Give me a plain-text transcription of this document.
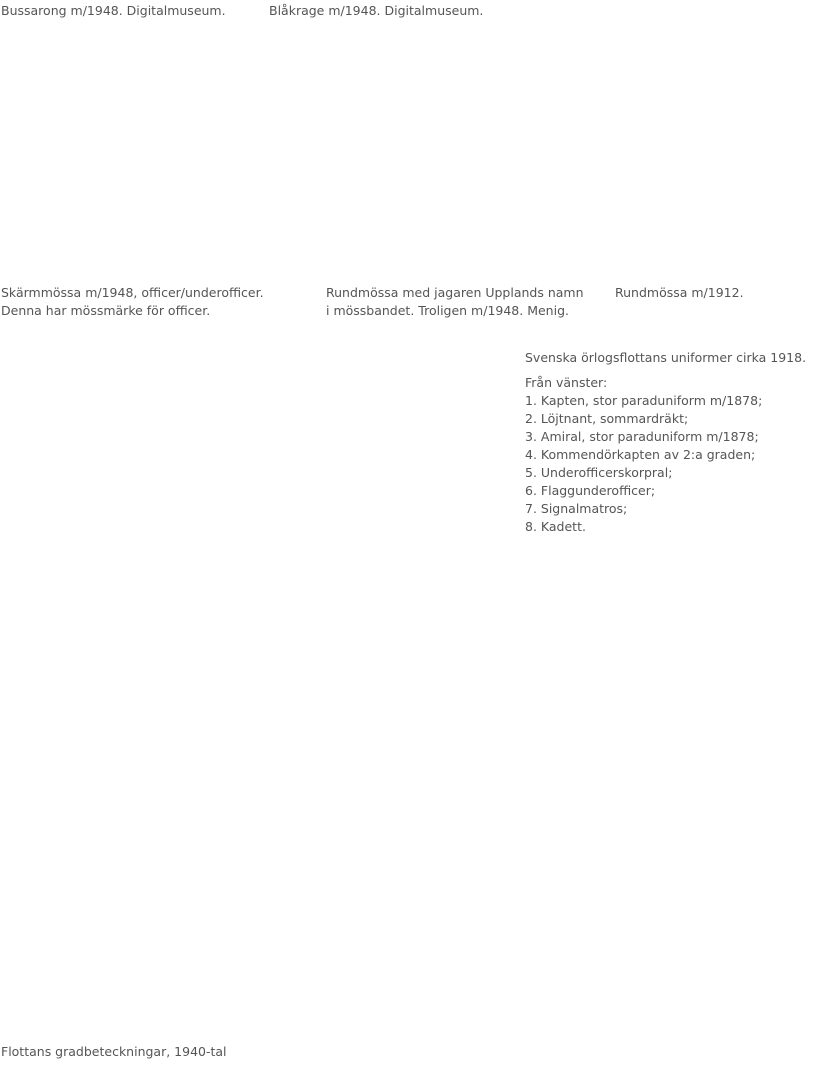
Bussarong m/1948. Digitalmuseum.	Blåkrage m/1948. Digitalmuseum.

Skärmmössa m/1948, officer/underofficer.

Denna har mössmärke för officer.

Rundmössa med jagaren Upplands namn

i mössbandet. Troligen m/1948. Menig.

Rundmössa m/1912.

Svenska örlogsflottans uniformer cirka 1918.

Från vänster:

1. Kapten, stor paraduniform m/1878;
2. Löjtnant, sommardräkt;
3. Amiral, stor paraduniform m/1878;
4. Kommendörkapten av 2:a graden;
5. Underofficerskorpral;
6. Flaggunderofficer;
7. Signalmatros;
8. Kadett.

Flottans gradbeteckningar, 1940-tal
